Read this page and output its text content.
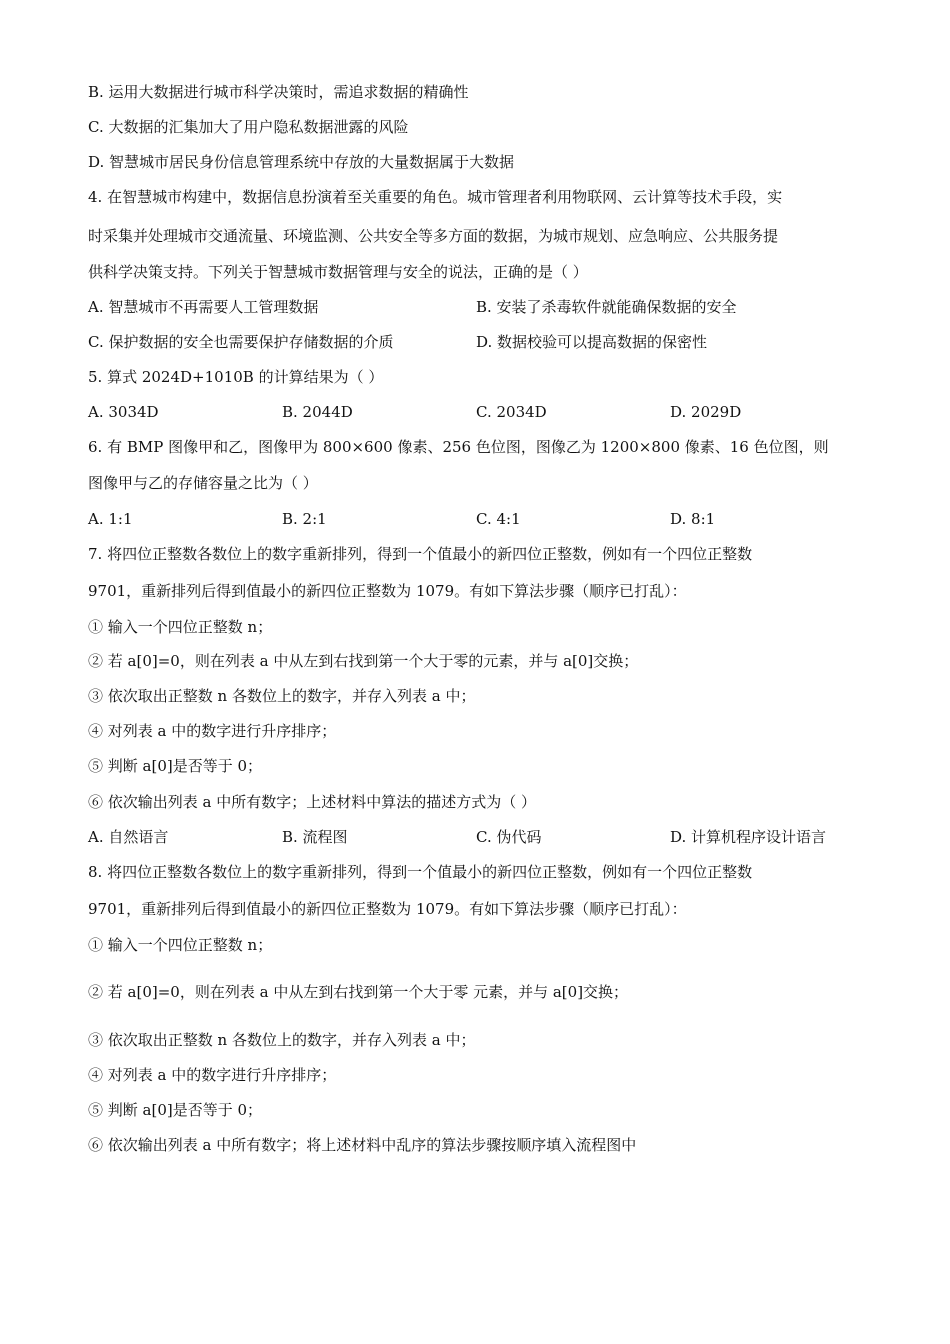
B. 运用大数据进行城市科学决策时，需追求数据的精确性
C. 大数据的汇集加大了用户隐私数据泄露的风险
D. 智慧城市居民身份信息管理系统中存放的大量数据属于大数据
4. 在智慧城市构建中，数据信息扮演着至关重要的角色。城市管理者利用物联网、云计算等技术手段，实
时采集并处理城市交通流量、环境监测、公共安全等多方面的数据，为城市规划、应急响应、公共服务提
供科学决策支持。下列关于智慧城市数据管理与安全的说法，正确的是（ ）
A. 智慧城市不再需要人工管理数据	B. 安装了杀毒软件就能确保数据的安全
C. 保护数据的安全也需要保护存储数据的介质	D. 数据校验可以提高数据的保密性
5. 算式 2024D+1010B 的计算结果为（ ）
A. 3034D	B. 2044D	C. 2034D	D. 2029D
6. 有 BMP 图像甲和乙，图像甲为 800×600 像素、256 色位图，图像乙为 1200×800 像素、16 色位图，则
图像甲与乙的存储容量之比为（ ）
A. 1:1	B. 2:1	C. 4:1	D. 8:1
7. 将四位正整数各数位上的数字重新排列，得到一个值最小的新四位正整数，例如有一个四位正整数
9701，重新排列后得到值最小的新四位正整数为 1079。有如下算法步骤（顺序已打乱）：
① 输入一个四位正整数 n；
② 若 a[0]=0，则在列表 a 中从左到右找到第一个大于零的元素，并与 a[0]交换；
③ 依次取出正整数 n 各数位上的数字，并存入列表 a 中；
④ 对列表 a 中的数字进行升序排序；
⑤ 判断 a[0]是否等于 0；
⑥ 依次输出列表 a 中所有数字；上述材料中算法的描述方式为（ ）
A. 自然语言	B. 流程图	C. 伪代码	D. 计算机程序设计语言
8. 将四位正整数各数位上的数字重新排列，得到一个值最小的新四位正整数，例如有一个四位正整数
9701，重新排列后得到值最小的新四位正整数为 1079。有如下算法步骤（顺序已打乱）：
① 输入一个四位正整数 n；
② 若 a[0]=0，则在列表 a 中从左到右找到第一个大于零 元素，并与 a[0]交换；
③ 依次取出正整数 n 各数位上的数字，并存入列表 a 中；
④ 对列表 a 中的数字进行升序排序；
⑤ 判断 a[0]是否等于 0；
⑥ 依次输出列表 a 中所有数字；将上述材料中乱序的算法步骤按顺序填入流程图中
